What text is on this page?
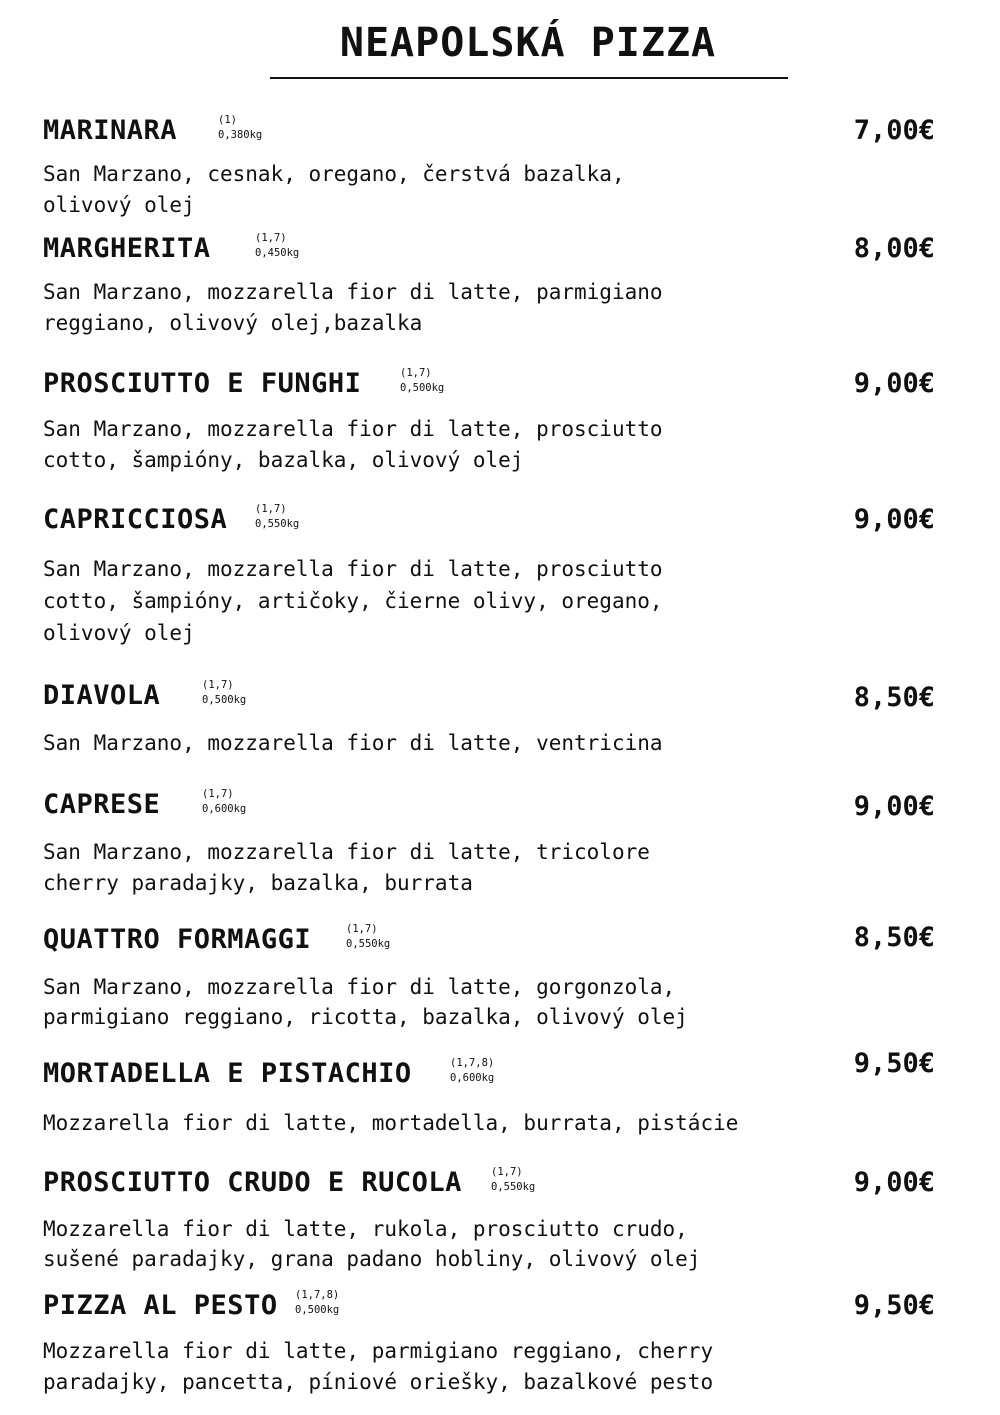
NEAPOLSKÁ PIZZA
MARINARA	(1)
0,380kg	7,00€

San Marzano, cesnak, oregano, čerstvá bazalka,

olivový olej

MARGHERITA	(1,7)
0,450kg	8,00€

San Marzano, mozzarella fior di latte, parmigiano

reggiano, olivový olej,bazalka

PROSCIUTTO E FUNGHI	(1,7)
0,500kg	9,00€

San Marzano, mozzarella fior di latte, prosciutto

cotto, šampióny, bazalka, olivový olej

CAPRICCIOSA	(1,7)
0,550kg	9,00€

San Marzano, mozzarella fior di latte, prosciutto

cotto, šampióny, artičoky, čierne olivy, oregano,

olivový olej

DIAVOLA	(1,7)
0,500kg	8,50€

San Marzano, mozzarella fior di latte, ventricina

CAPRESE	(1,7)
0,600kg	9,00€

San Marzano, mozzarella fior di latte, tricolore

cherry paradajky, bazalka, burrata

QUATTRO FORMAGGI	(1,7)
0,550kg	8,50€

San Marzano, mozzarella fior di latte, gorgonzola,

parmigiano reggiano, ricotta, bazalka, olivový olej

MORTADELLA E PISTACHIO	(1,7,8)
0,600kg	9,50€

Mozzarella fior di latte, mortadella, burrata, pistácie

PROSCIUTTO CRUDO E RUCOLA	(1,7)
0,550kg	9,00€

Mozzarella fior di latte, rukola, prosciutto crudo,

sušené paradajky, grana padano hobliny, olivový olej

PIZZA AL PESTO (1,7,8)
0,500kg	9,50€

Mozzarella fior di latte, parmigiano reggiano, cherry

paradajky, pancetta, píniové oriešky, bazalkové pesto
